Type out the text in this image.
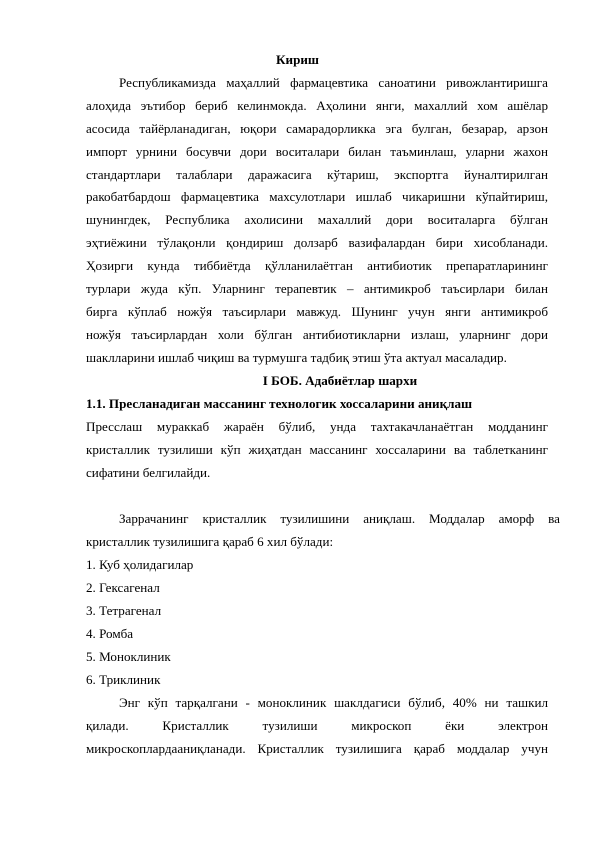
Кириш
Республикамизда маҳаллий фармацевтика саноатини ривожлантиришга
алоҳида эътибор бериб келинмокда. Аҳолини янги, махаллий хом ашёлар
асосида тайёрланадиган, юқори самарадорликка эга булган, безарар, арзон
импорт урнини босувчи дори воситалари билан таъминлаш, уларни жахон
стандартлари талаблари даражасига кўтариш, экспортга йуналтирилган
ракобатбардош фармацевтика махсулотлари ишлаб чикаришни кўпайтириш,
шунингдек, Республика ахолисини махаллий дори воситаларга бўлган
эҳтиёжини тўлақонли қондириш долзарб вазифалардан бири хисобланади.
Ҳозирги кунда тиббиётда қўлланилаётган антибиотик препаратларининг
турлари жуда кўп. Уларнинг терапевтик – антимикроб таъсирлари билан
бирга кўплаб ножўя таъсирлари мавжуд. Шунинг учун янги антимикроб
ножўя таъсирлардан холи бўлган антибиотикларни излаш, уларнинг дори
шаклларини ишлаб чиқиш ва турмушга тадбиқ этиш ўта актуал масаладир.
I БОБ. Адабиётлар шархи
1.1. Пресланадиган массанинг технологик хоссаларини аниқлаш
Пресслаш мураккаб жараён бўлиб, унда тахтакачланаётган модданинг
кристаллик тузилиши кўп жиҳатдан массанинг хоссаларини ва таблетканинг
сифатини белгилайди.
Заррачанинг кристаллик тузилишини аниқлаш. Моддалар аморф ва
кристаллик тузилишига қараб 6 хил бўлади:
1. Куб ҳолидагилар
2. Гексагенал
3. Тетрагенал
4. Ромба
5. Моноклиник
6. Триклиник
Энг кўп тарқалгани - моноклиник шаклдагиси бўлиб, 40% ни ташкил
қилади. Кристаллик тузилиши микроскоп ёки электрон
микроскоплардааниқланади. Кристаллик тузилишига қараб моддалар учун
